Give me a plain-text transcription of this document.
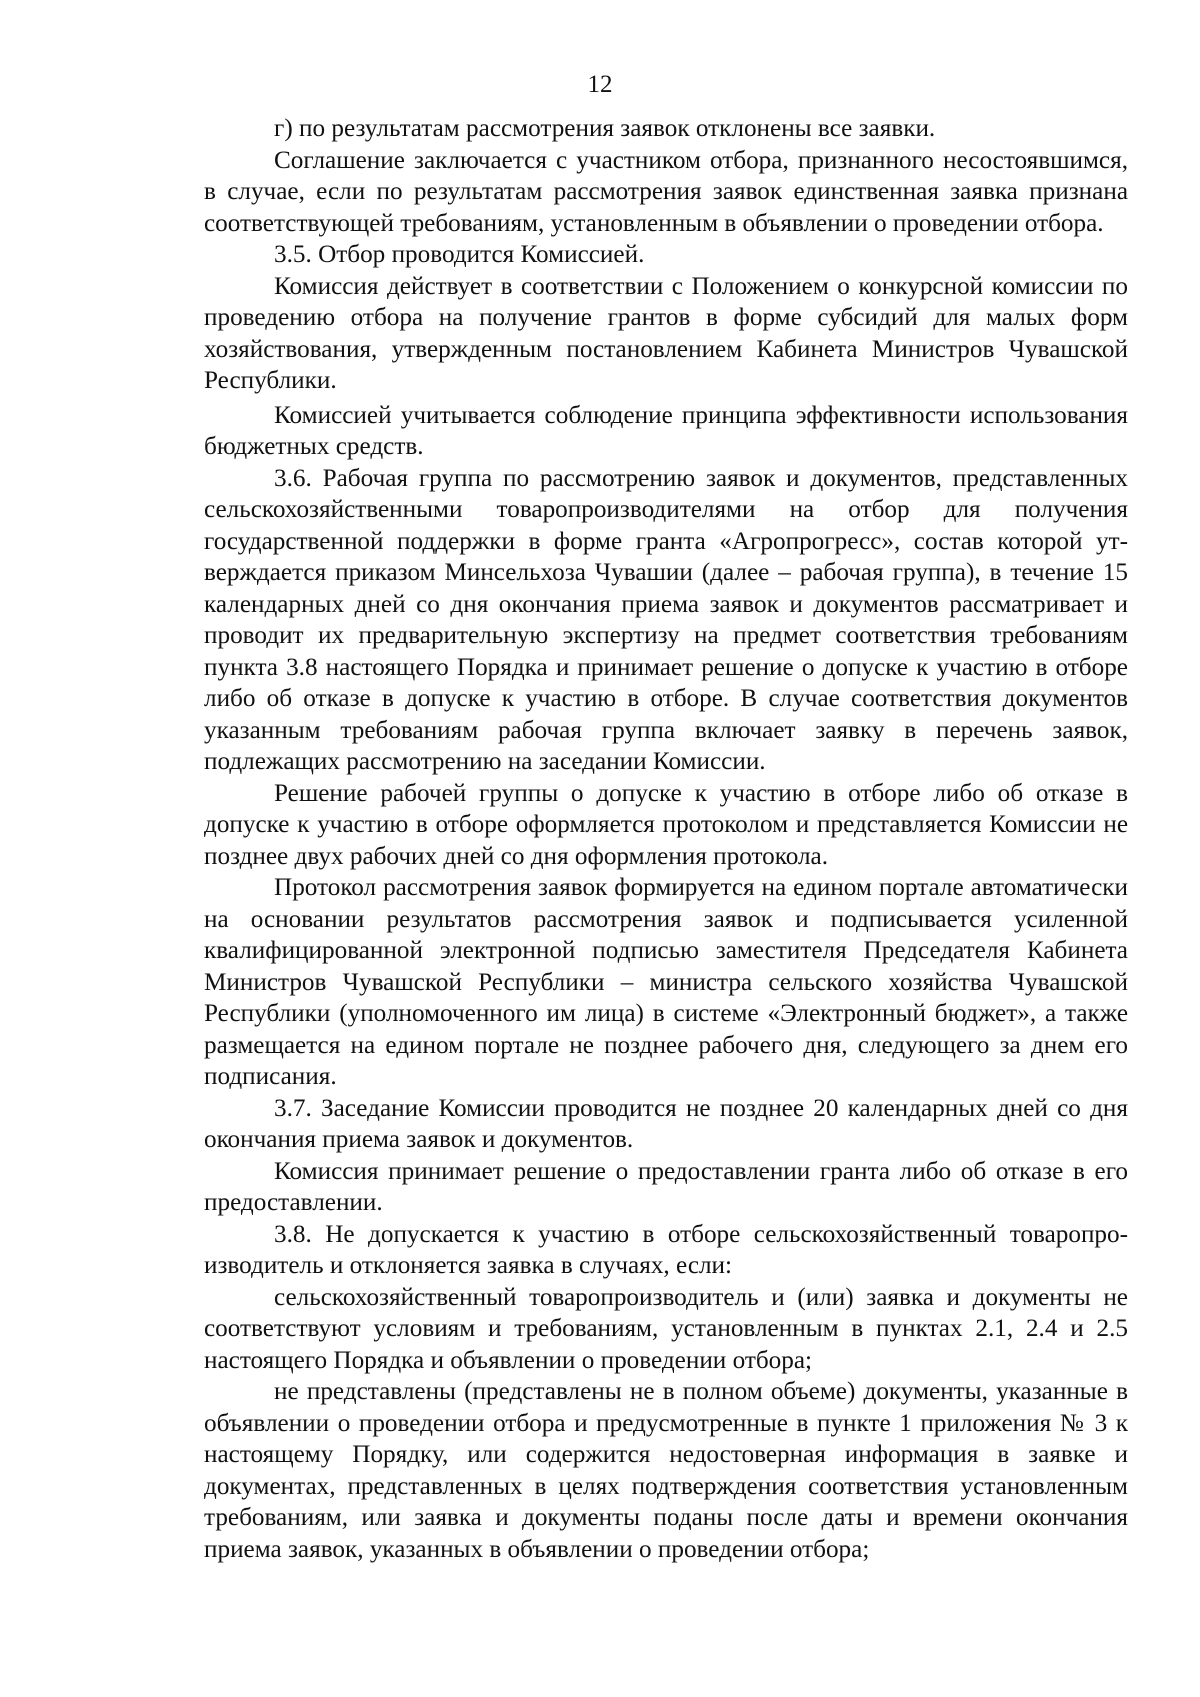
12

г) по результатам рассмотрения заявок отклонены все заявки.

Соглашение заключается с участником отбора, признанного несостоявшимся, в случае, если по результатам рассмотрения заявок единственная заявка признана соответствующей требованиям, установленным в объявлении о проведении отбора.

3.5. Отбор проводится Комиссией.

Комиссия действует в соответствии с Положением о конкурсной комиссии по проведению отбора на получение грантов в форме субсидий для малых форм хозяйствования, утвержденным постановлением Кабинета Министров Чувашской Республики.

Комиссией учитывается соблюдение принципа эффективности использования бюджетных средств.

3.6. Рабочая группа по рассмотрению заявок и документов, представленных сельскохозяйственными товаропроизводителями на отбор для получения государственной поддержки в форме гранта «Агропрогресс», состав которой утверждается приказом Минсельхоза Чувашии (далее – рабочая группа), в течение 15 календарных дней со дня окончания приема заявок и документов рассматривает и проводит их предварительную экспертизу на предмет соответствия требованиям пункта 3.8 настоящего Порядка и принимает решение о допуске к участию в отборе либо об отказе в допуске к участию в отборе. В случае соответствия документов указанным требованиям рабочая группа включает заявку в перечень заявок, подлежащих рассмотрению на заседании Комиссии.

Решение рабочей группы о допуске к участию в отборе либо об отказе в допуске к участию в отборе оформляется протоколом и представляется Комиссии не позднее двух рабочих дней со дня оформления протокола.

Протокол рассмотрения заявок формируется на едином портале автоматически на основании результатов рассмотрения заявок и подписывается усиленной квалифицированной электронной подписью заместителя Председателя Кабинета Министров Чувашской Республики – министра сельского хозяйства Чувашской Республики (уполномоченного им лица) в системе «Электронный бюджет», а также размещается на едином портале не позднее рабочего дня, следующего за днем его подписания.

3.7. Заседание Комиссии проводится не позднее 20 календарных дней со дня окончания приема заявок и документов.

Комиссия принимает решение о предоставлении гранта либо об отказе в его предоставлении.

3.8. Не допускается к участию в отборе сельскохозяйственный товаропроизводитель и отклоняется заявка в случаях, если:

сельскохозяйственный товаропроизводитель и (или) заявка и документы не соответствуют условиям и требованиям, установленным в пунктах 2.1, 2.4 и 2.5 настоящего Порядка и объявлении о проведении отбора;

не представлены (представлены не в полном объеме) документы, указанные в объявлении о проведении отбора и предусмотренные в пункте 1 приложения № 3 к настоящему Порядку, или содержится недостоверная информация в заявке и документах, представленных в целях подтверждения соответствия установленным требованиям, или заявка и документы поданы после даты и времени окончания приема заявок, указанных в объявлении о проведении отбора;
